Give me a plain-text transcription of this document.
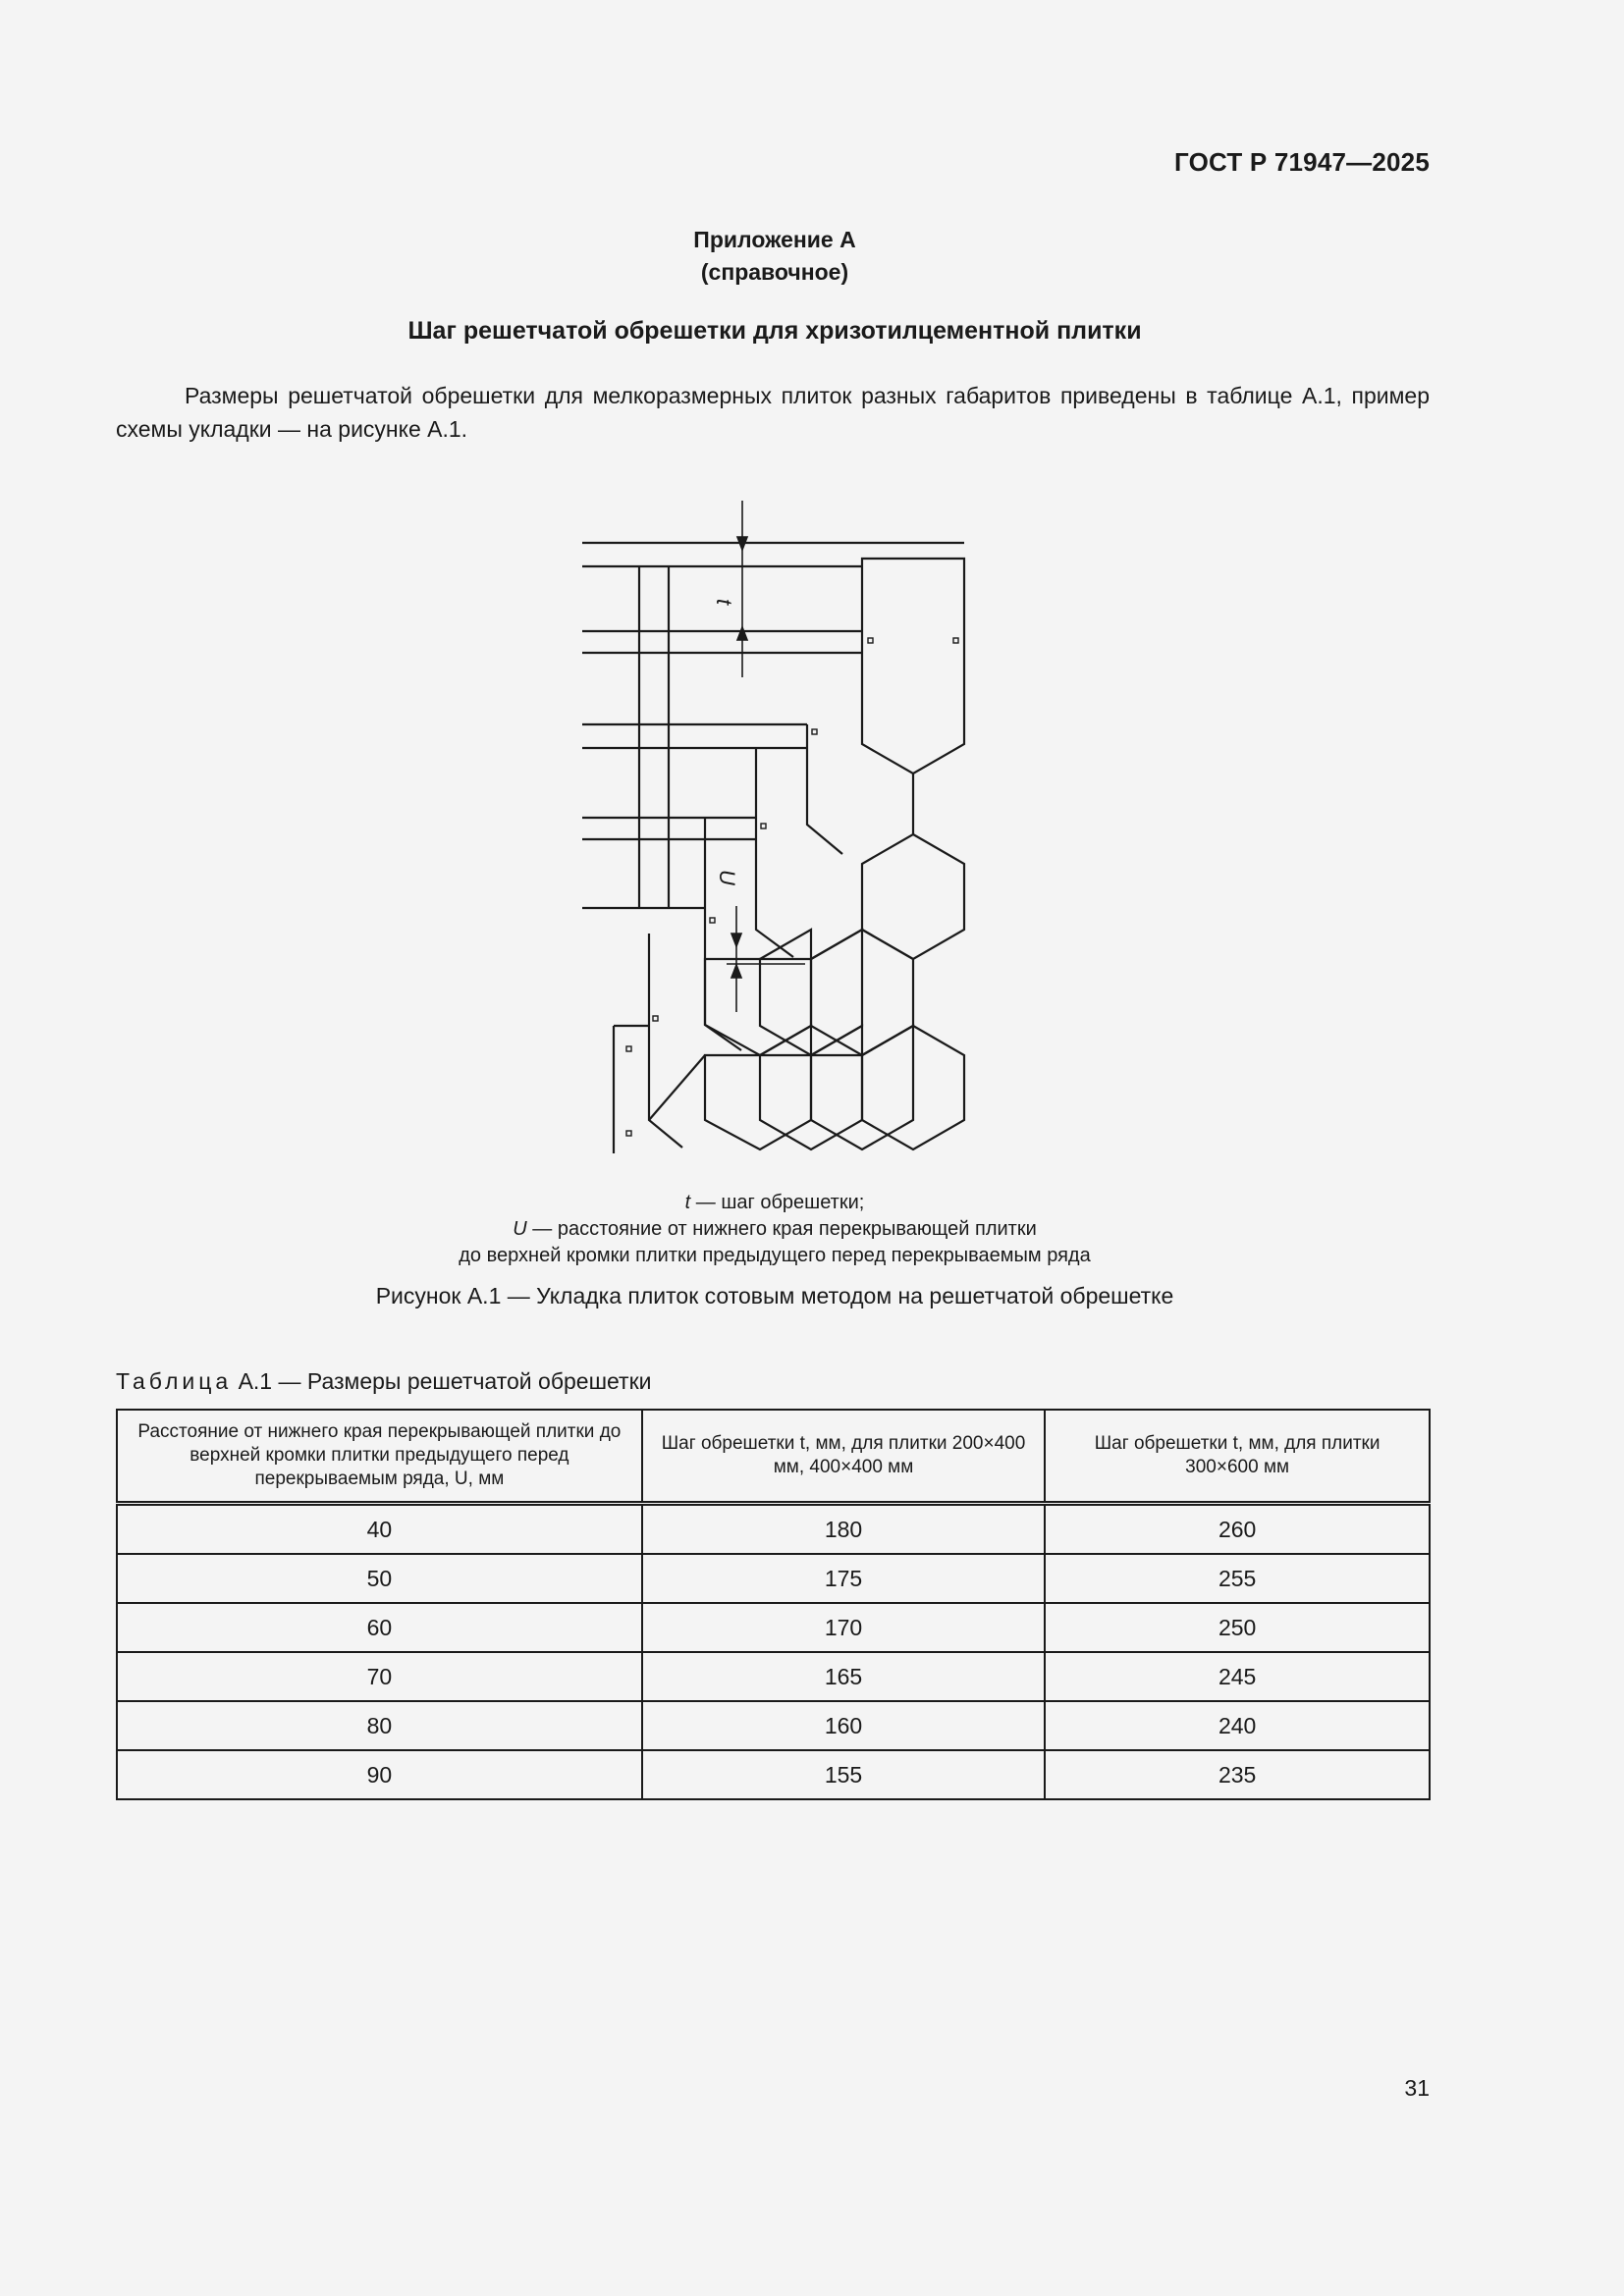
ГОСТ Р 71947—2025
Приложение А
(справочное)
Шаг решетчатой обрешетки для хризотилцементной плитки

Размеры решетчатой обрешетки для мелкоразмерных плиток разных габаритов приведены в таблице А.1, пример схемы укладки — на рисунке А.1.

t
U
t — шаг обрешетки;
U — расстояние от нижнего края перекрывающей плитки
до верхней кромки плитки предыдущего перед перекрываемым ряда
Рисунок А.1 — Укладка плиток сотовым методом на решетчатой обрешетке
Таблица А.1 — Размеры решетчатой обрешетки
Расстояние от нижнего края перекрывающей плитки до верхней кромки плитки предыдущего перед перекрываемым ряда, U, мм	Шаг обрешетки t, мм, для плитки 200×400 мм, 400×400 мм	Шаг обрешетки t, мм, для плитки 300×600 мм
40	180	260
50	175	255
60	170	250
70	165	245
80	160	240
90	155	235
31
